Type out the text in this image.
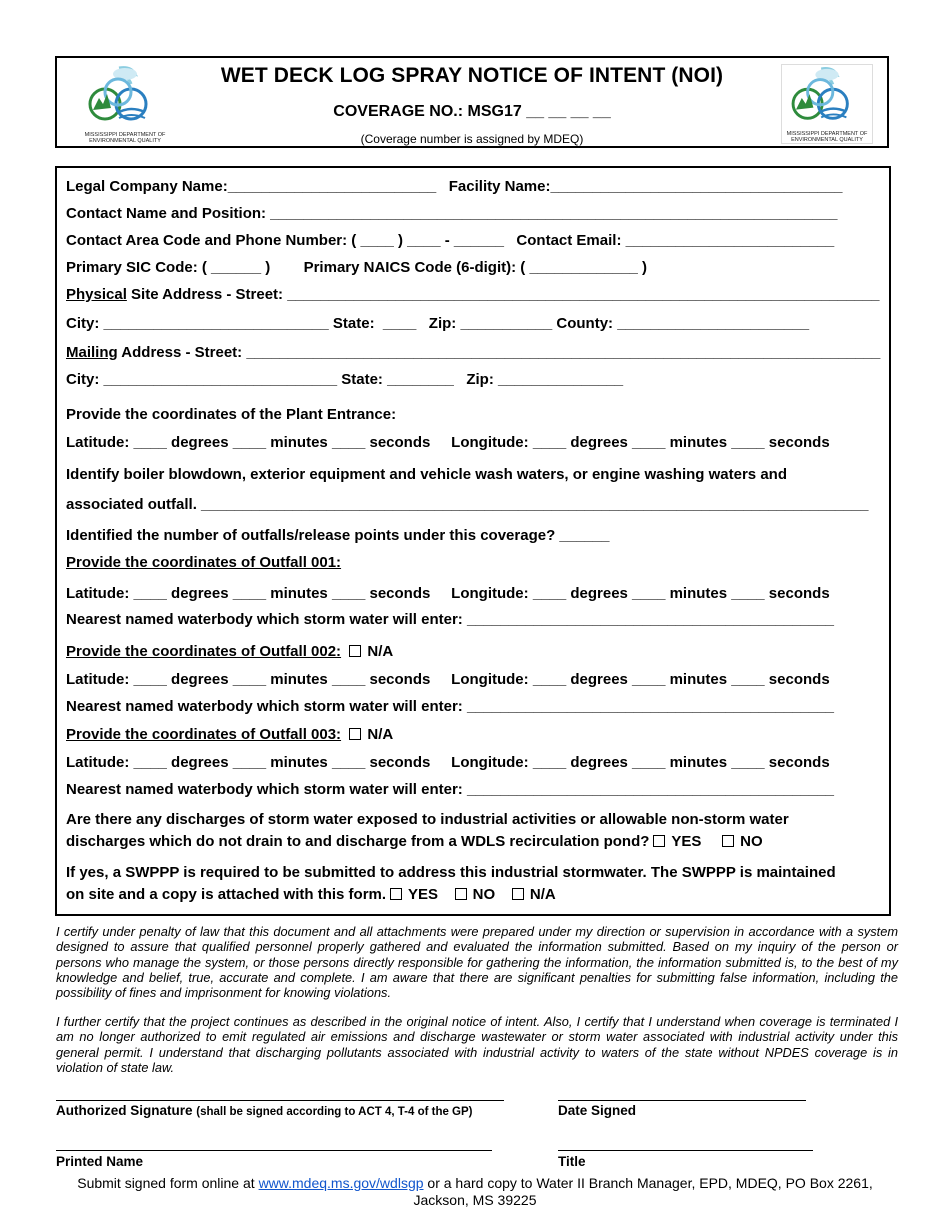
MISSISSIPPI DEPARTMENT OF
ENVIRONMENTAL QUALITY
WET DECK LOG SPRAY NOTICE OF INTENT (NOI)
COVERAGE NO.: MSG17 __ __ __ __
(Coverage number is assigned by MDEQ)	MISSISSIPPI DEPARTMENT OF
ENVIRONMENTAL QUALITY
Legal Company Name:_________________________   Facility Name:___________________________________
Contact Name and Position: ____________________________________________________________________
Contact Area Code and Phone Number: ( ____ ) ____ - ______   Contact Email: _________________________
Primary SIC Code: ( ______ )        Primary NAICS Code (6-digit): ( _____________ )
Physical Site Address - Street: _______________________________________________________________________
City: ___________________________ State:  ____   Zip: ___________ County: _______________________
Mailing Address - Street: ____________________________________________________________________________
City: ____________________________ State: ________   Zip: _______________
Provide the coordinates of the Plant Entrance:
Latitude: ____ degrees ____ minutes ____ seconds     Longitude: ____ degrees ____ minutes ____ seconds
Identify boiler blowdown, exterior equipment and vehicle wash waters, or engine washing waters and
associated outfall. ________________________________________________________________________________
Identified the number of outfalls/release points under this coverage? ______
Provide the coordinates of Outfall 001:
Latitude: ____ degrees ____ minutes ____ seconds     Longitude: ____ degrees ____ minutes ____ seconds
Nearest named waterbody which storm water will enter: ____________________________________________
Provide the coordinates of Outfall 002: N/A
Latitude: ____ degrees ____ minutes ____ seconds     Longitude: ____ degrees ____ minutes ____ seconds
Nearest named waterbody which storm water will enter: ____________________________________________
Provide the coordinates of Outfall 003: N/A
Latitude: ____ degrees ____ minutes ____ seconds     Longitude: ____ degrees ____ minutes ____ seconds
Nearest named waterbody which storm water will enter: ____________________________________________
Are there any discharges of storm water exposed to industrial activities or allowable non-storm water
discharges which do not drain to and discharge from a WDLS recirculation pond? YES	NO
If yes, a SWPPP is required to be submitted to address this industrial stormwater. The SWPPP is maintained
on site and a copy is attached with this form. YES NO N/A
I certify under penalty of law that this document and all attachments were prepared under my direction or supervision in accordance with a system designed to assure that qualified personnel properly gathered and evaluated the information submitted. Based on my inquiry of the person or persons who manage the system, or those persons directly responsible for gathering the information, the information submitted is, to the best of my knowledge and belief, true, accurate and complete. I am aware that there are significant penalties for submitting false information, including the possibility of fines and imprisonment for knowing violations.
I further certify that the project continues as described in the original notice of intent. Also, I certify that I understand when coverage is terminated I am no longer authorized to emit regulated air emissions and discharge wastewater or storm water associated with industrial activity under this general permit. I understand that discharging pollutants associated with industrial activity to waters of the state without NPDES coverage is in violation of state law.
Authorized Signature (shall be signed according to ACT 4, T-4 of the GP)	Date Signed
Printed Name	Title
Submit signed form online at www.mdeq.ms.gov/wdlsgp or a hard copy to Water II Branch Manager, EPD, MDEQ, PO Box 2261, Jackson, MS 39225
